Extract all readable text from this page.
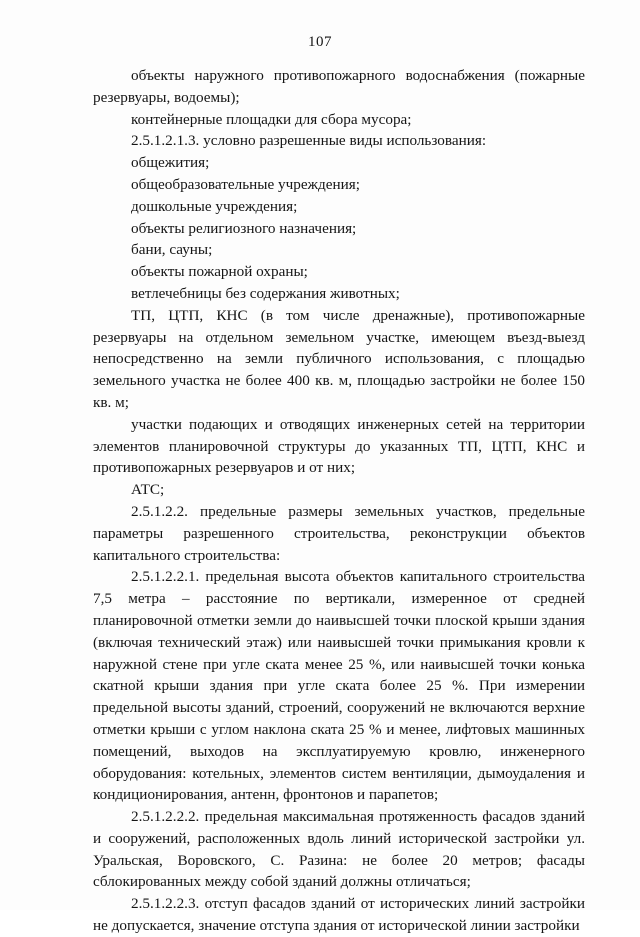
107

объекты наружного противопожарного водоснабжения (пожарные резервуары, водоемы);

контейнерные площадки для сбора мусора;

2.5.1.2.1.3. условно разрешенные виды использования:

общежития;

общеобразовательные учреждения;

дошкольные учреждения;

объекты религиозного назначения;

бани, сауны;

объекты пожарной охраны;

ветлечебницы без содержания животных;

ТП, ЦТП, КНС (в том числе дренажные), противопожарные резервуары на отдельном земельном участке, имеющем въезд-выезд непосредственно на земли публичного использования, с площадью земельного участка не более 400 кв. м, площадью застройки не более 150 кв. м;

участки подающих и отводящих инженерных сетей на территории элементов планировочной структуры до указанных ТП, ЦТП, КНС и противопожарных резервуаров и от них;

АТС;

2.5.1.2.2. предельные размеры земельных участков, предельные параметры разрешенного строительства, реконструкции объектов капитального строительства:

2.5.1.2.2.1. предельная высота объектов капитального строительства 7,5 метра – расстояние по вертикали, измеренное от средней планировочной отметки земли до наивысшей точки плоской крыши здания (включая технический этаж) или наивысшей точки примыкания кровли к наружной стене при угле ската менее 25 %, или наивысшей точки конька скатной крыши здания при угле ската более 25 %. При измерении предельной высоты зданий, строений, сооружений не включаются верхние отметки крыши с углом наклона ската 25 % и менее, лифтовых машинных помещений, выходов на эксплуатируемую кровлю, инженерного оборудования: котельных, элементов систем вентиляции, дымоудаления и кондиционирования, антенн, фронтонов и парапетов;

2.5.1.2.2.2. предельная максимальная протяженность фасадов зданий и сооружений, расположенных вдоль линий исторической застройки ул. Уральская, Воровского, С. Разина: не более 20 метров; фасады сблокированных между собой зданий должны отличаться;

2.5.1.2.2.3. отступ фасадов зданий от исторических линий застройки не допускается, значение отступа здания от исторической линии застройки
